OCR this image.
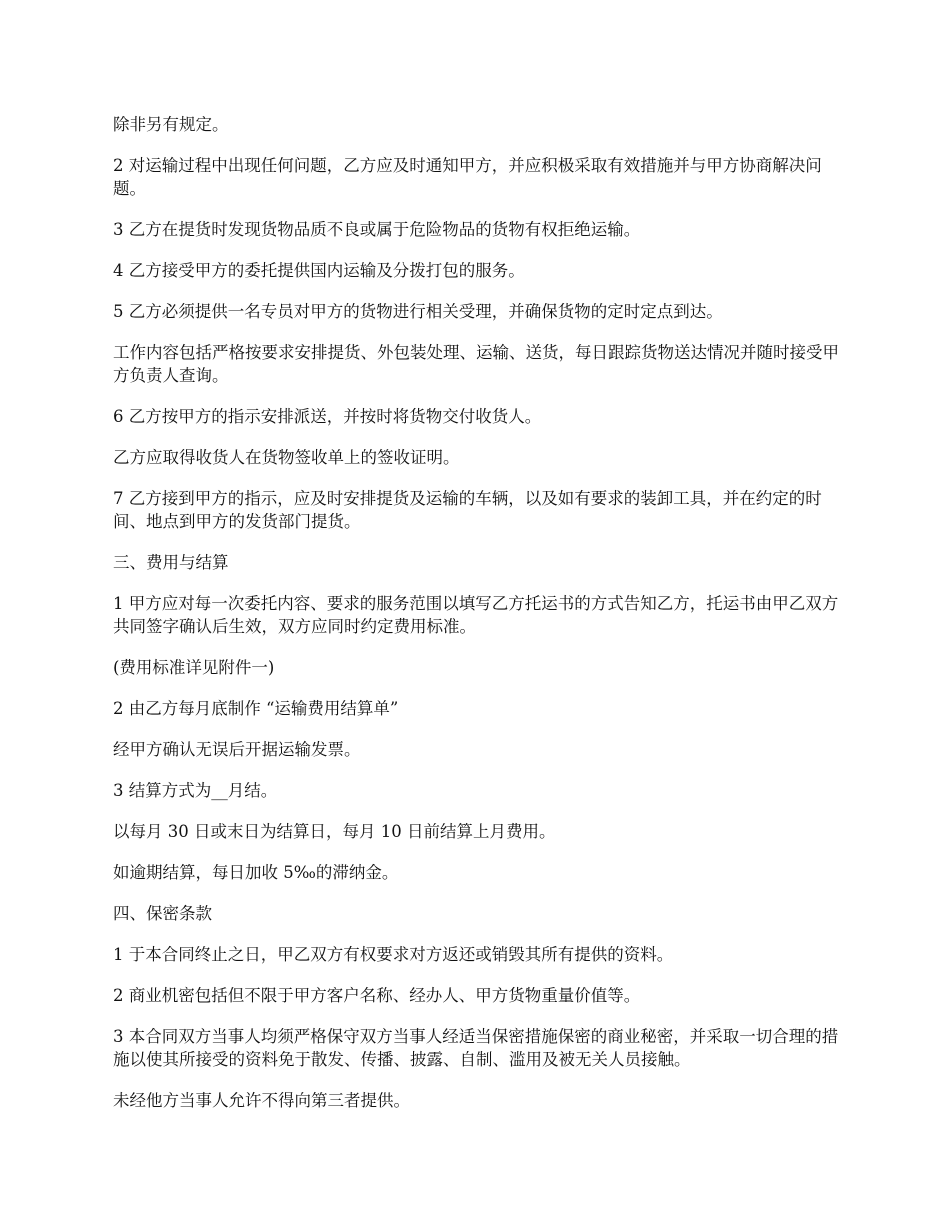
除非另有规定。

2 对运输过程中出现任何问题，乙方应及时通知甲方，并应积极采取有效措施并与甲方协商解决问题。

3 乙方在提货时发现货物品质不良或属于危险物品的货物有权拒绝运输。

4 乙方接受甲方的委托提供国内运输及分拨打包的服务。

5 乙方必须提供一名专员对甲方的货物进行相关受理，并确保货物的定时定点到达。

工作内容包括严格按要求安排提货、外包装处理、运输、送货，每日跟踪货物送达情况并随时接受甲方负责人查询。

6 乙方按甲方的指示安排派送，并按时将货物交付收货人。

乙方应取得收货人在货物签收单上的签收证明。

7 乙方接到甲方的指示，应及时安排提货及运输的车辆，以及如有要求的装卸工具，并在约定的时间、地点到甲方的发货部门提货。

三、费用与结算

1 甲方应对每一次委托内容、要求的服务范围以填写乙方托运书的方式告知乙方，托运书由甲乙双方共同签字确认后生效，双方应同时约定费用标准。

(费用标准详见附件一)

2 由乙方每月底制作 “运输费用结算单”

经甲方确认无误后开据运输发票。

3 结算方式为__月结。

以每月 30 日或末日为结算日，每月 10 日前结算上月费用。

如逾期结算，每日加收 5‰的滞纳金。

四、保密条款

1 于本合同终止之日，甲乙双方有权要求对方返还或销毁其所有提供的资料。

2 商业机密包括但不限于甲方客户名称、经办人、甲方货物重量价值等。

3 本合同双方当事人均须严格保守双方当事人经适当保密措施保密的商业秘密，并采取一切合理的措施以使其所接受的资料免于散发、传播、披露、自制、滥用及被无关人员接触。

未经他方当事人允许不得向第三者提供。
